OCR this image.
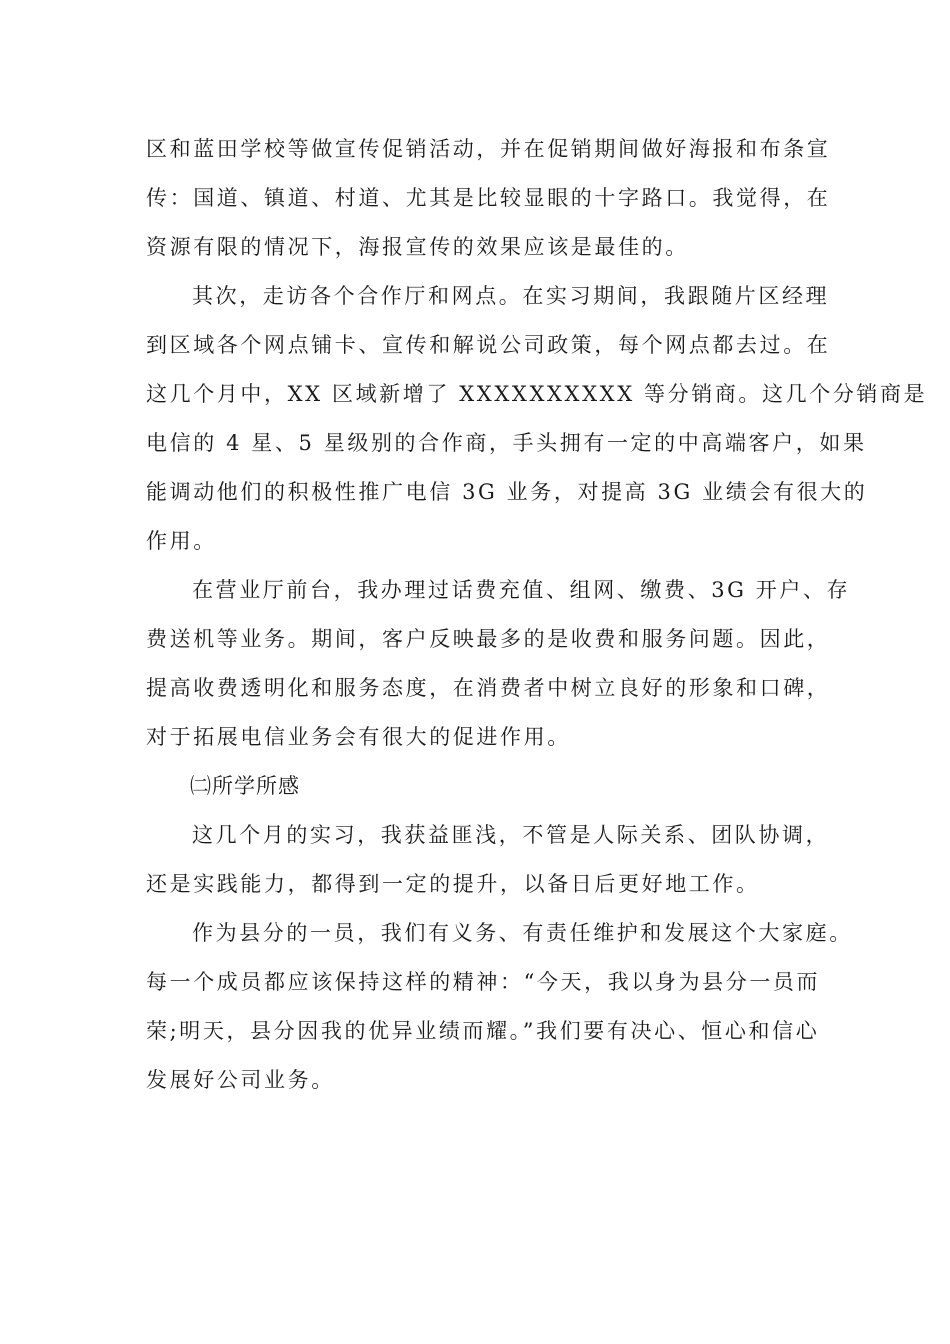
区和蓝田学校等做宣传促销活动，并在促销期间做好海报和布条宣
传：国道、镇道、村道、尤其是比较显眼的十字路口。我觉得，在
资源有限的情况下，海报宣传的效果应该是最佳的。
其次，走访各个合作厅和网点。在实习期间，我跟随片区经理
到区域各个网点铺卡、宣传和解说公司政策，每个网点都去过。在
这几个月中，XX 区域新增了 XXXXXXXXXX 等分销商。这几个分销商是
电信的 4 星、5 星级别的合作商，手头拥有一定的中高端客户，如果
能调动他们的积极性推广电信 3G 业务，对提高 3G 业绩会有很大的
作用。
在营业厅前台，我办理过话费充值、组网、缴费、3G 开户、存
费送机等业务。期间，客户反映最多的是收费和服务问题。因此，
提高收费透明化和服务态度，在消费者中树立良好的形象和口碑，
对于拓展电信业务会有很大的促进作用。
㈡所学所感
这几个月的实习，我获益匪浅，不管是人际关系、团队协调，
还是实践能力，都得到一定的提升，以备日后更好地工作。
作为县分的一员，我们有义务、有责任维护和发展这个大家庭。
每一个成员都应该保持这样的精神：“今天，我以身为县分一员而
荣;明天，县分因我的优异业绩而耀。”我们要有决心、恒心和信心
发展好公司业务。
